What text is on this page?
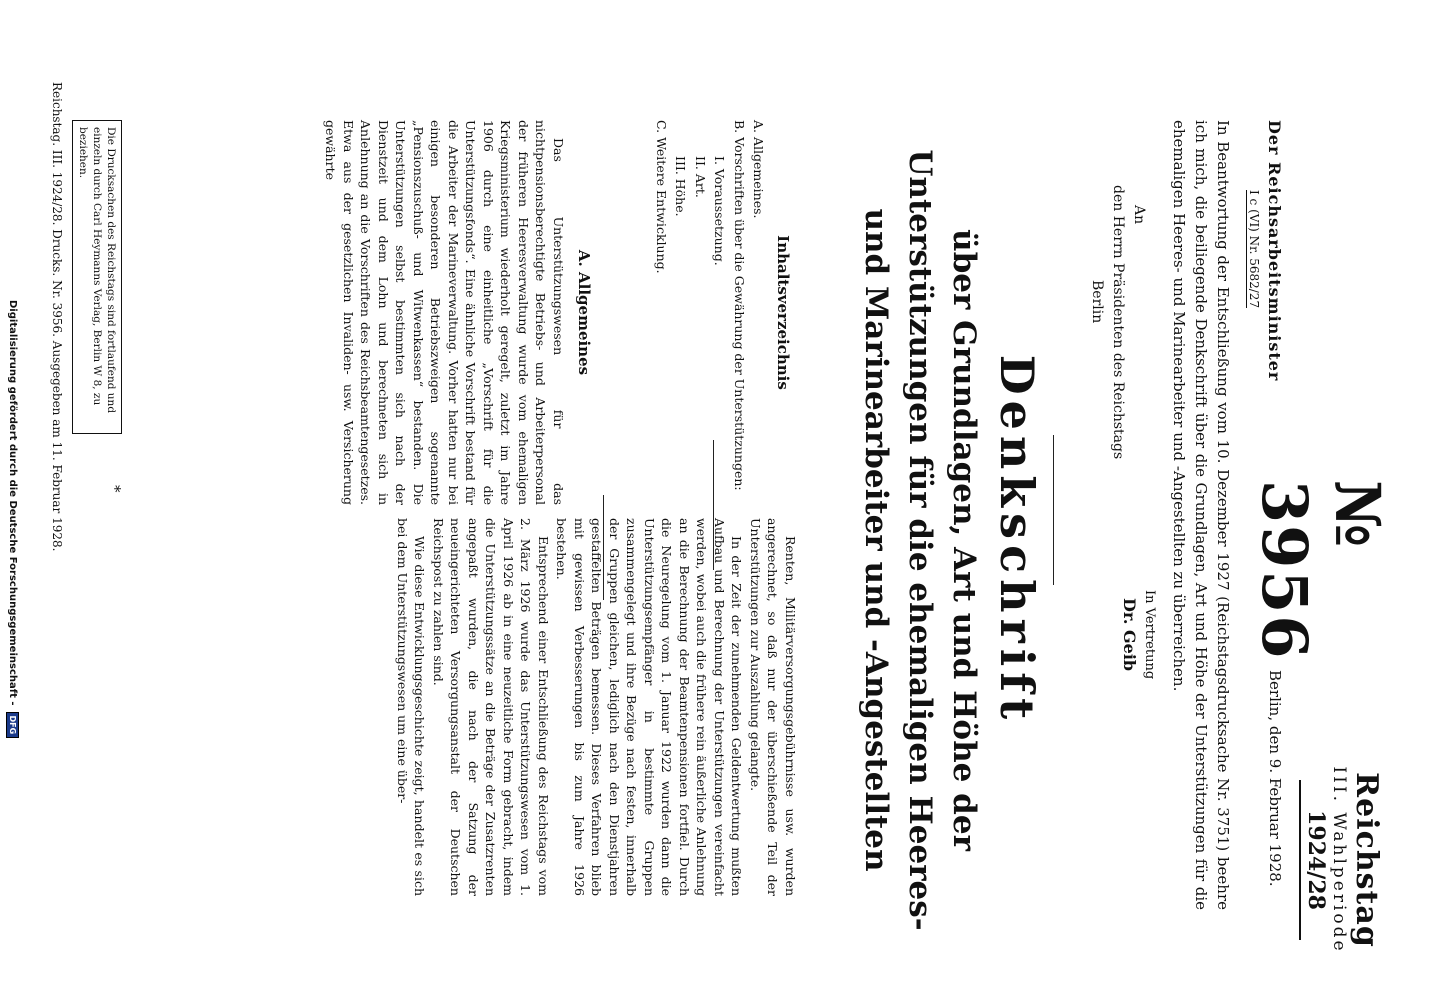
№ 3956
Reichstag
III. Wahlperiode
1924/28
Der Reichsarbeitsminister
I c (VI) Nr. 5682/27
Berlin, den 9. Februar 1928.
In Beantwortung der Entschließung vom 10. Dezember 1927 (Reichstagsdrucksache Nr. 3751) beehre ich mich, die beiliegende Denkschrift über die Grundlagen, Art und Höhe der Unterstützungen für die ehemaligen Heeres- und Marinearbeiter und -Angestellten zu überreichen.
An
den Herrn Präsidenten des Reichstags
Berlin
In Vertretung
Dr. Geib
Denkschrift
über Grundlagen, Art und Höhe der Unterstützungen für die ehemaligen Heeres- und Marinearbeiter und -Angestellten
Inhaltsverzeichnis
A. Allgemeines.
B. Vorschriften über die Gewährung der Unterstützungen:
I. Voraussetzung.
II. Art.
III. Höhe.
C. Weitere Entwicklung.
A. Allgemeines

Das Unterstützungswesen für das nichtpensionsberechtigte Betriebs- und Arbeiterpersonal der früheren Heeresverwaltung wurde vom ehemaligen Kriegsministerium wiederholt geregelt, zuletzt im Jahre 1906 durch eine einheitliche „Vorschrift für die Unterstützungsfonds“. Eine ähnliche Vorschrift bestand für die Arbeiter der Marineverwaltung. Vorher hatten nur bei einigen besonderen Betriebszweigen sogenannte „Pensionszuschuß- und Witwenkassen“ bestanden. Die Unterstützungen selbst bestimmten sich nach der Dienstzeit und dem Lohn und berechneten sich in Anlehnung an die Vorschriften des Reichsbeamtengesetzes. Etwa aus der gesetzlichen Invaliden- usw. Versicherung gewährte

Renten, Militärversorgungsgebührnisse usw. wurden angerechnet, so daß nur der überschießende Teil der Unterstützungen zur Auszahlung gelangte.

In der Zeit der zunehmenden Geldentwertung mußten Aufbau und Berechnung der Unterstützungen vereinfacht werden, wobei auch die frühere rein äußerliche Anlehnung an die Berechnung der Beamtenpensionen fortfiel. Durch die Neuregelung vom 1. Januar 1922 wurden dann die Unterstützungsempfänger in bestimmte Gruppen zusammengelegt und ihre Bezüge nach festen, innerhalb der Gruppen gleichen, lediglich nach den Dienstjahren gestaffelten Beträgen bemessen. Dieses Verfahren blieb mit gewissen Verbesserungen bis zum Jahre 1926 bestehen.

Entsprechend einer Entschließung des Reichstags vom 2. März 1926 wurde das Unterstützungswesen vom 1. April 1926 ab in eine neuzeitliche Form gebracht, indem die Unterstützungssätze an die Beträge der Zusatzrenten angepaßt wurden, die nach der Satzung der neueingerichteten Versorgungsanstalt der Deutschen Reichspost zu zahlen sind.

Wie diese Entwicklungsgeschichte zeigt, handelt es sich bei dem Unterstützungswesen um eine über-

Die Drucksachen des Reichstags sind fortlaufend und einzeln durch Carl Heymanns Verlag, Berlin W 8, zu beziehen.
*
Reichstag. III. 1924/28. Drucks. Nr. 3956. Ausgegeben am 11. Februar 1928.
Digitalisierung gefördert durch die Deutsche Forschungsgemeinschaft -
DFG
